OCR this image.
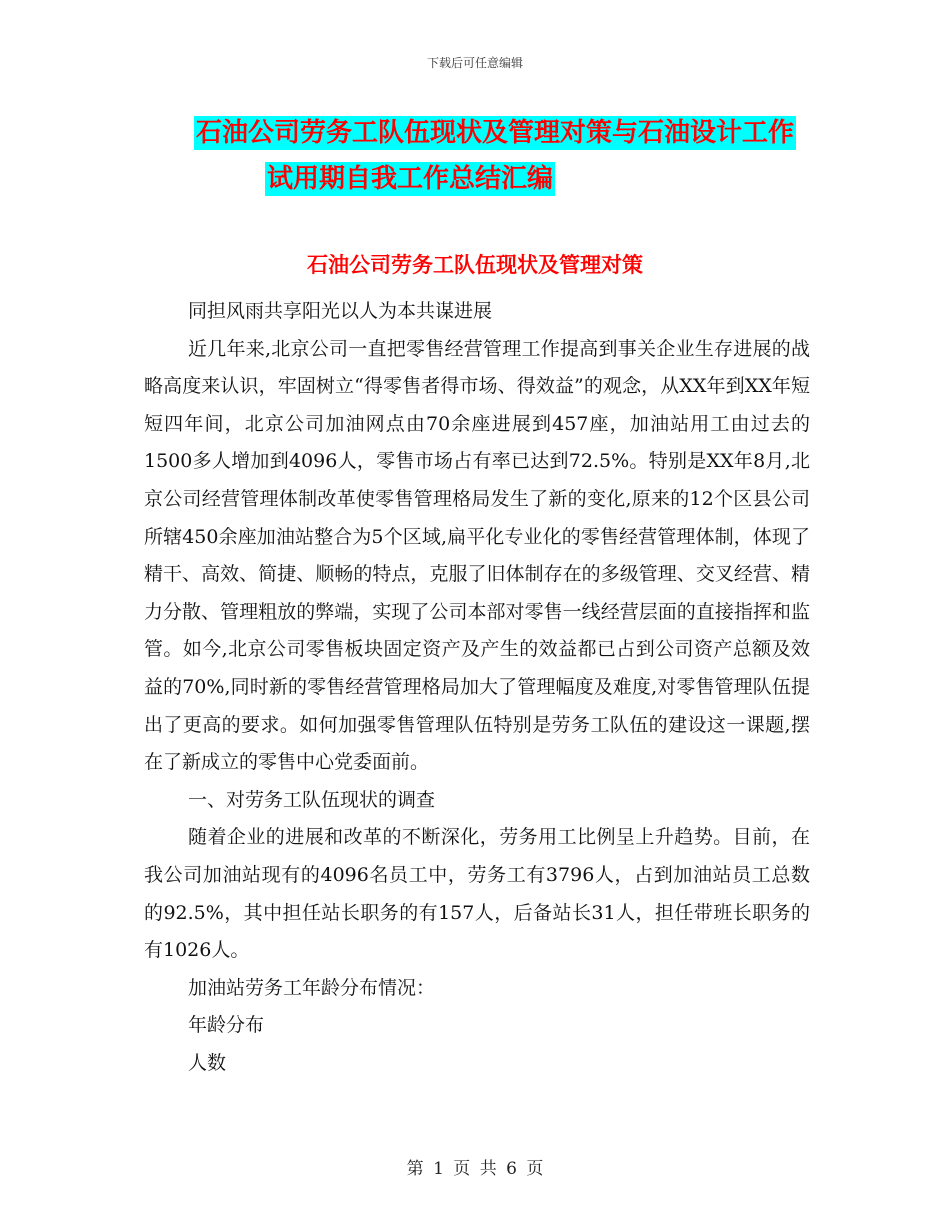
下载后可任意编辑
石油公司劳务工队伍现状及管理对策与石油设计工作
试用期自我工作总结汇编
石油公司劳务工队伍现状及管理对策

同担风雨共享阳光以人为本共谋进展

近几年来,北京公司一直把零售经营管理工作提高到事关企业生存进展的战略高度来认识，牢固树立“得零售者得市场、得效益”的观念，从XX年到XX年短短四年间，北京公司加油网点由70余座进展到457座，加油站用工由过去的1500多人增加到4096人，零售市场占有率已达到72.5%。特别是XX年8月,北京公司经营管理体制改革使零售管理格局发生了新的变化,原来的12个区县公司所辖450余座加油站整合为5个区域,扁平化专业化的零售经营管理体制，体现了精干、高效、简捷、顺畅的特点，克服了旧体制存在的多级管理、交叉经营、精力分散、管理粗放的弊端，实现了公司本部对零售一线经营层面的直接指挥和监管。如今,北京公司零售板块固定资产及产生的效益都已占到公司资产总额及效益的70%,同时新的零售经营管理格局加大了管理幅度及难度,对零售管理队伍提出了更高的要求。如何加强零售管理队伍特别是劳务工队伍的建设这一课题,摆在了新成立的零售中心党委面前。

一、对劳务工队伍现状的调查

随着企业的进展和改革的不断深化，劳务用工比例呈上升趋势。目前，在我公司加油站现有的4096名员工中，劳务工有3796人，占到加油站员工总数的92.5%，其中担任站长职务的有157人，后备站长31人，担任带班长职务的有1026人。

加油站劳务工年龄分布情况：

年龄分布

人数

第 1 页 共 6 页
